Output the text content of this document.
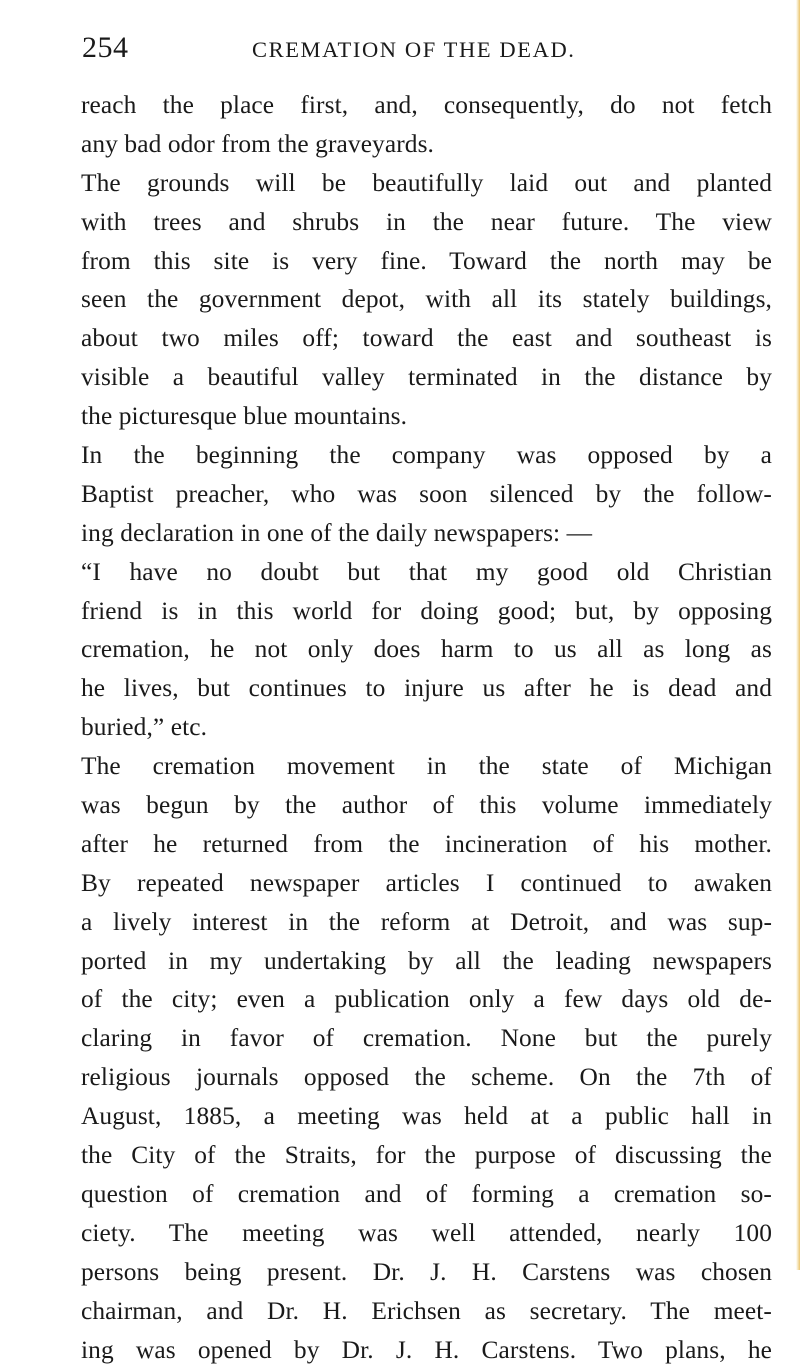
254	CREMATION OF THE DEAD.
reach the place first, and, consequently, do not fetch
any bad odor from the graveyards.
The grounds will be beautifully laid out and planted
with trees and shrubs in the near future. The view
from this site is very fine. Toward the north may be
seen the government depot, with all its stately buildings,
about two miles off; toward the east and southeast is
visible a beautiful valley terminated in the distance by
the picturesque blue mountains.
In the beginning the company was opposed by a
Baptist preacher, who was soon silenced by the follow-
ing declaration in one of the daily newspapers: —
“I have no doubt but that my good old Christian
friend is in this world for doing good; but, by opposing
cremation, he not only does harm to us all as long as
he lives, but continues to injure us after he is dead and
buried,” etc.
The cremation movement in the state of Michigan
was begun by the author of this volume immediately
after he returned from the incineration of his mother.
By repeated newspaper articles I continued to awaken
a lively interest in the reform at Detroit, and was sup-
ported in my undertaking by all the leading newspapers
of the city; even a publication only a few days old de-
claring in favor of cremation. None but the purely
religious journals opposed the scheme. On the 7th of
August, 1885, a meeting was held at a public hall in
the City of the Straits, for the purpose of discussing the
question of cremation and of forming a cremation so-
ciety. The meeting was well attended, nearly 100
persons being present. Dr. J. H. Carstens was chosen
chairman, and Dr. H. Erichsen as secretary. The meet-
ing was opened by Dr. J. H. Carstens. Two plans, he
